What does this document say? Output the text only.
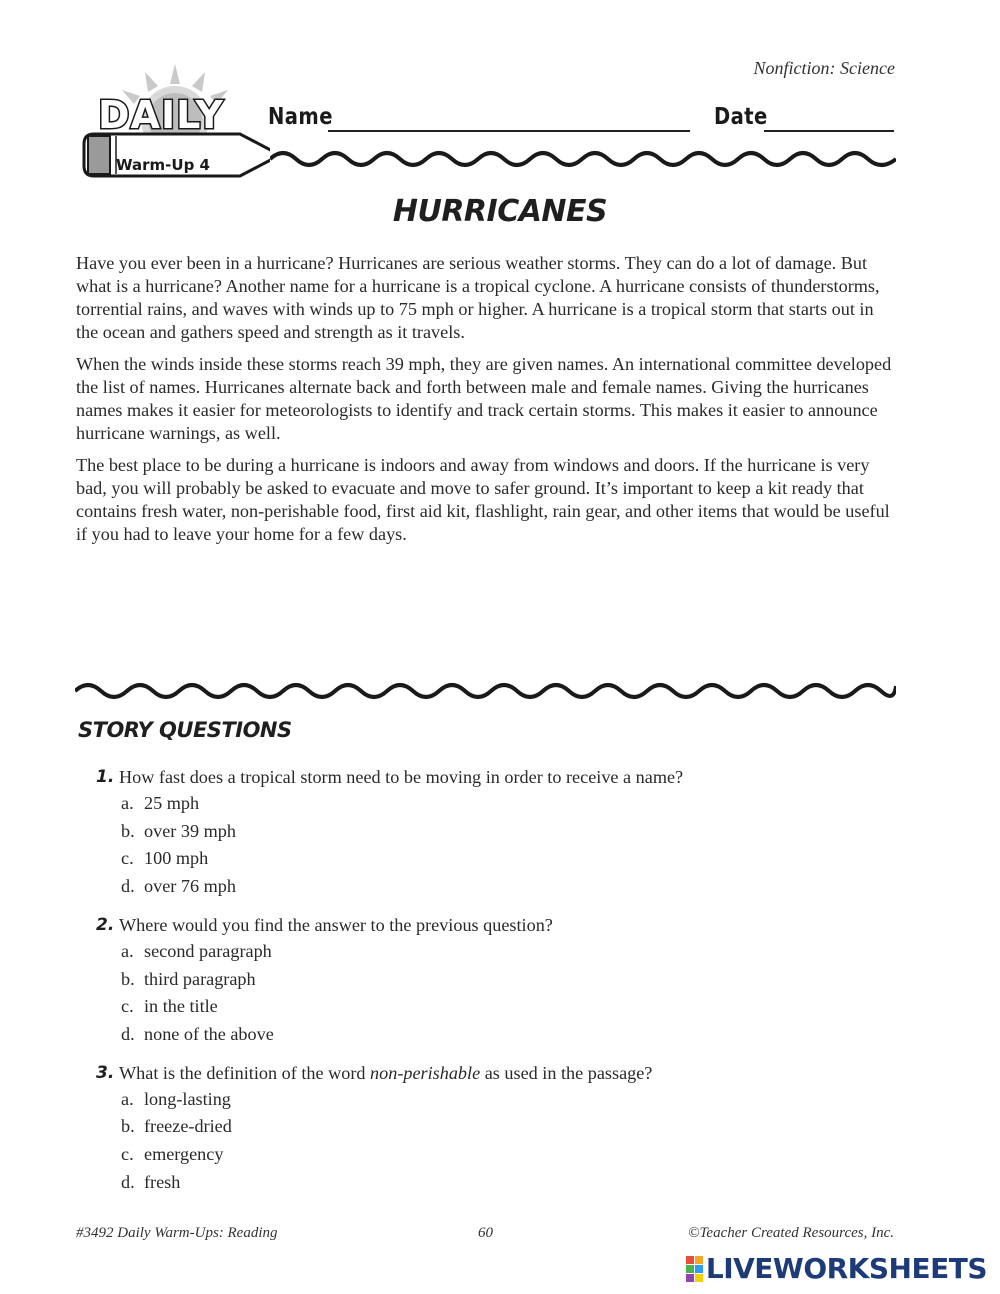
Nonfiction: Science
Warm-Up 4
DAILY Name	Date
HURRICANES

Have you ever been in a hurricane? Hurricanes are serious weather storms. They can do a lot of damage. But what is a hurricane? Another name for a hurricane is a tropical cyclone. A hurricane consists of thunderstorms, torrential rains, and waves with winds up to 75 mph or higher. A hurricane is a tropical storm that starts out in the ocean and gathers speed and strength as it travels.

When the winds inside these storms reach 39 mph, they are given names. An international committee developed the list of names. Hurricanes alternate back and forth between male and female names. Giving the hurricanes names makes it easier for meteorologists to identify and track certain storms. This makes it easier to announce hurricane warnings, as well.

The best place to be during a hurricane is indoors and away from windows and doors. If the hurricane is very bad, you will probably be asked to evacuate and move to safer ground. It’s important to keep a kit ready that contains fresh water, non-perishable food, first aid kit, flashlight, rain gear, and other items that would be useful if you had to leave your home for a few days.

STORY QUESTIONS
1. How fast does a tropical storm need to be moving in order to receive a name?
a. 25 mph
b. over 39 mph
c. 100 mph
d. over 76 mph
2. Where would you find the answer to the previous question?
a. second paragraph
b. third paragraph
c. in the title
d. none of the above
3. What is the definition of the word non-perishable as used in the passage?
a. long-lasting
b. freeze-dried
c. emergency
d. fresh
#3492 Daily Warm-Ups: Reading	60	©Teacher Created Resources, Inc.
LIVEWORKSHEETS
